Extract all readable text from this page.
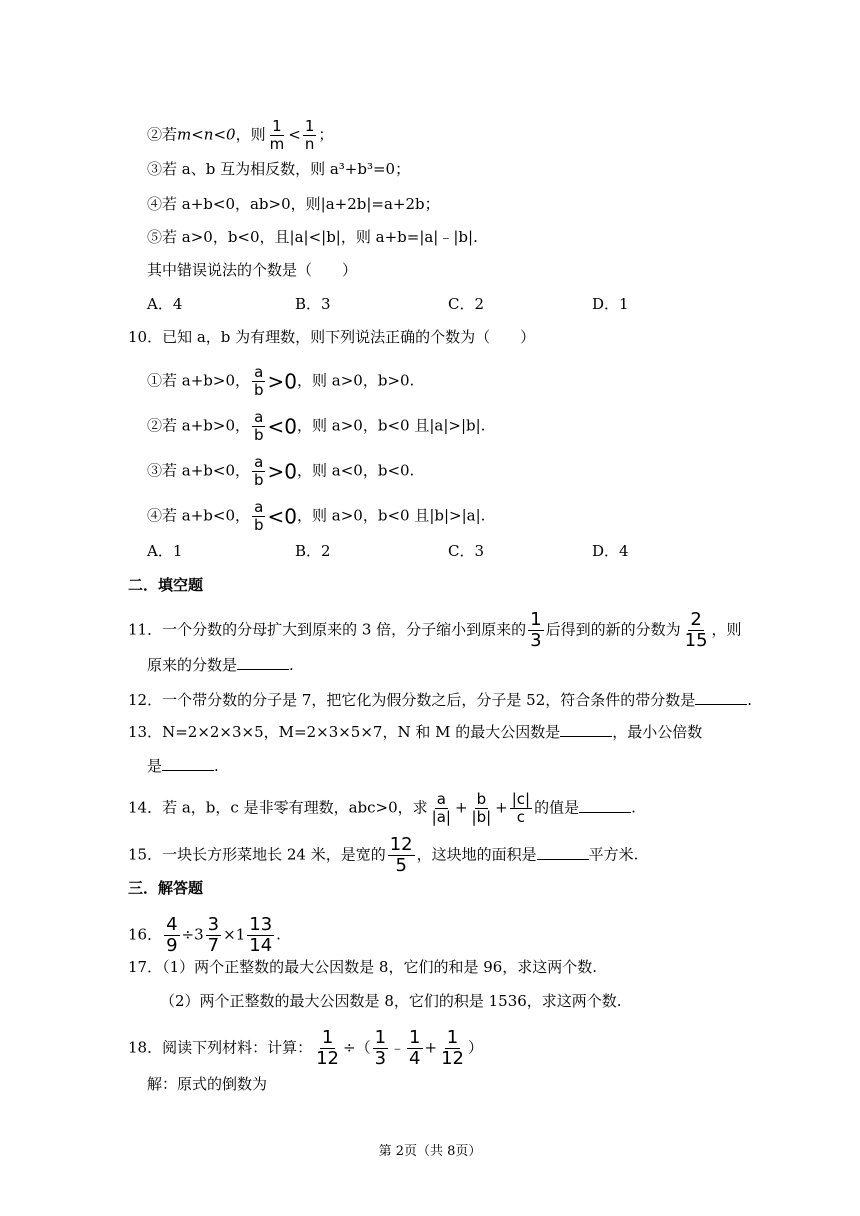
②若m<n<0，则 $\frac{1}{m} < \frac{1}{n}$ ；
③若 a、b 互为相反数，则 a³+b³=0；
④若 a+b<0，ab>0，则|a+2b|=a+2b；
⑤若 a>0，b<0，且|a|<|b|，则 a+b=|a|﹣|b|.
其中错误说法的个数是（　　）
A．4	B．3	C．2	D．1
10．已知 a，b 为有理数，则下列说法正确的个数为（　　）
①若 a+b>0， $\frac{a}{b} >0$，则 a>0，b>0.
②若 a+b>0， $\frac{a}{b} <0$，则 a>0，b<0 且|a|>|b|.
③若 a+b<0， $\frac{a}{b} >0$，则 a<0，b<0.
④若 a+b<0， $\frac{a}{b} <0$，则 a>0，b<0 且|b|>|a|.
A．1	B．2	C．3	D．4
二．填空题
11．一个分数的分母扩大到原来的 3 倍，分子缩小到原来的 $\frac{1}{3}$ 后得到的新的分数为 $\frac{2}{15}$ ，则
原来的分数是	.
12．一个带分数的分子是 7，把它化为假分数之后，分子是 52，符合条件的带分数是	.
13．N=2×2×3×5，M=2×3×5×7，N 和 M 的最大公因数是	，最小公倍数
是	.
14．若 a，b，c 是非零有理数，abc>0，求 $\frac{a}{|a|} + \frac{b}{|b|} + \frac{|c|}{c}$ 的值是	.
15．一块长方形菜地长 24 米，是宽的 $\frac{12}{5}$ ，这块地的面积是	平方米.
三．解答题
16． $\frac{4}{9} \div 3 \frac{3}{7} \times 1 \frac{13}{14}$ .
17．（1）两个正整数的最大公因数是 8，它们的和是 96，求这两个数.
（2）两个正整数的最大公因数是 8，它们的积是 1536，求这两个数.
18．阅读下列材料：计算： $\frac{1}{12}$ ÷（ $\frac{1}{3}$ ﹣ $\frac{1}{4} + \frac{1}{12}$ ）
解：原式的倒数为
第 2页（共 8页）
